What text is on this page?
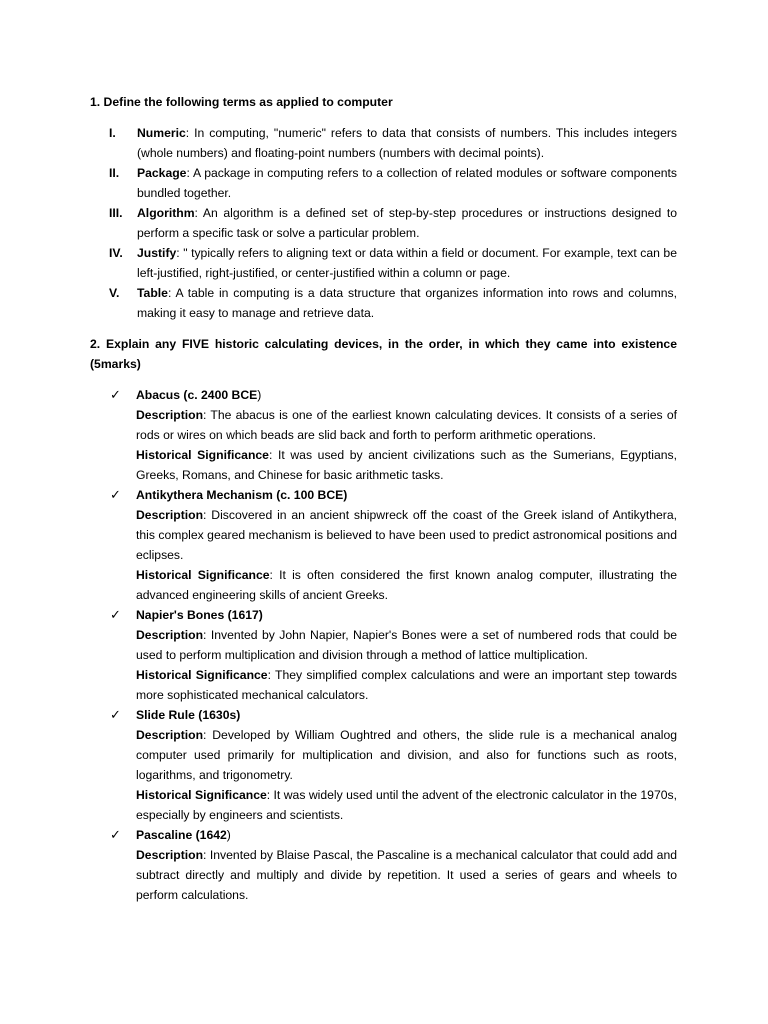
1. Define the following terms as applied to computer

I.	Numeric: In computing, "numeric" refers to data that consists of numbers. This includes integers (whole numbers) and floating-point numbers (numbers with decimal points).
II.	Package: A package in computing refers to a collection of related modules or software components bundled together.
III.	Algorithm: An algorithm is a defined set of step-by-step procedures or instructions designed to perform a specific task or solve a particular problem.
IV.	Justify: " typically refers to aligning text or data within a field or document. For example, text can be left-justified, right-justified, or center-justified within a column or page.
V.	Table: A table in computing is a data structure that organizes information into rows and columns, making it easy to manage and retrieve data.

2. Explain any FIVE historic calculating devices, in the order, in which they came into existence (5marks)

✓	Abacus (c. 2400 BCE)

Description: The abacus is one of the earliest known calculating devices. It consists of a series of rods or wires on which beads are slid back and forth to perform arithmetic operations.

Historical Significance: It was used by ancient civilizations such as the Sumerians, Egyptians, Greeks, Romans, and Chinese for basic arithmetic tasks.

✓	Antikythera Mechanism (c. 100 BCE)

Description: Discovered in an ancient shipwreck off the coast of the Greek island of Antikythera, this complex geared mechanism is believed to have been used to predict astronomical positions and eclipses.

Historical Significance: It is often considered the first known analog computer, illustrating the advanced engineering skills of ancient Greeks.

✓	Napier's Bones (1617)

Description: Invented by John Napier, Napier's Bones were a set of numbered rods that could be used to perform multiplication and division through a method of lattice multiplication.

Historical Significance: They simplified complex calculations and were an important step towards more sophisticated mechanical calculators.

✓	Slide Rule (1630s)

Description: Developed by William Oughtred and others, the slide rule is a mechanical analog computer used primarily for multiplication and division, and also for functions such as roots, logarithms, and trigonometry.

Historical Significance: It was widely used until the advent of the electronic calculator in the 1970s, especially by engineers and scientists.

✓	Pascaline (1642)

Description: Invented by Blaise Pascal, the Pascaline is a mechanical calculator that could add and subtract directly and multiply and divide by repetition. It used a series of gears and wheels to perform calculations.
